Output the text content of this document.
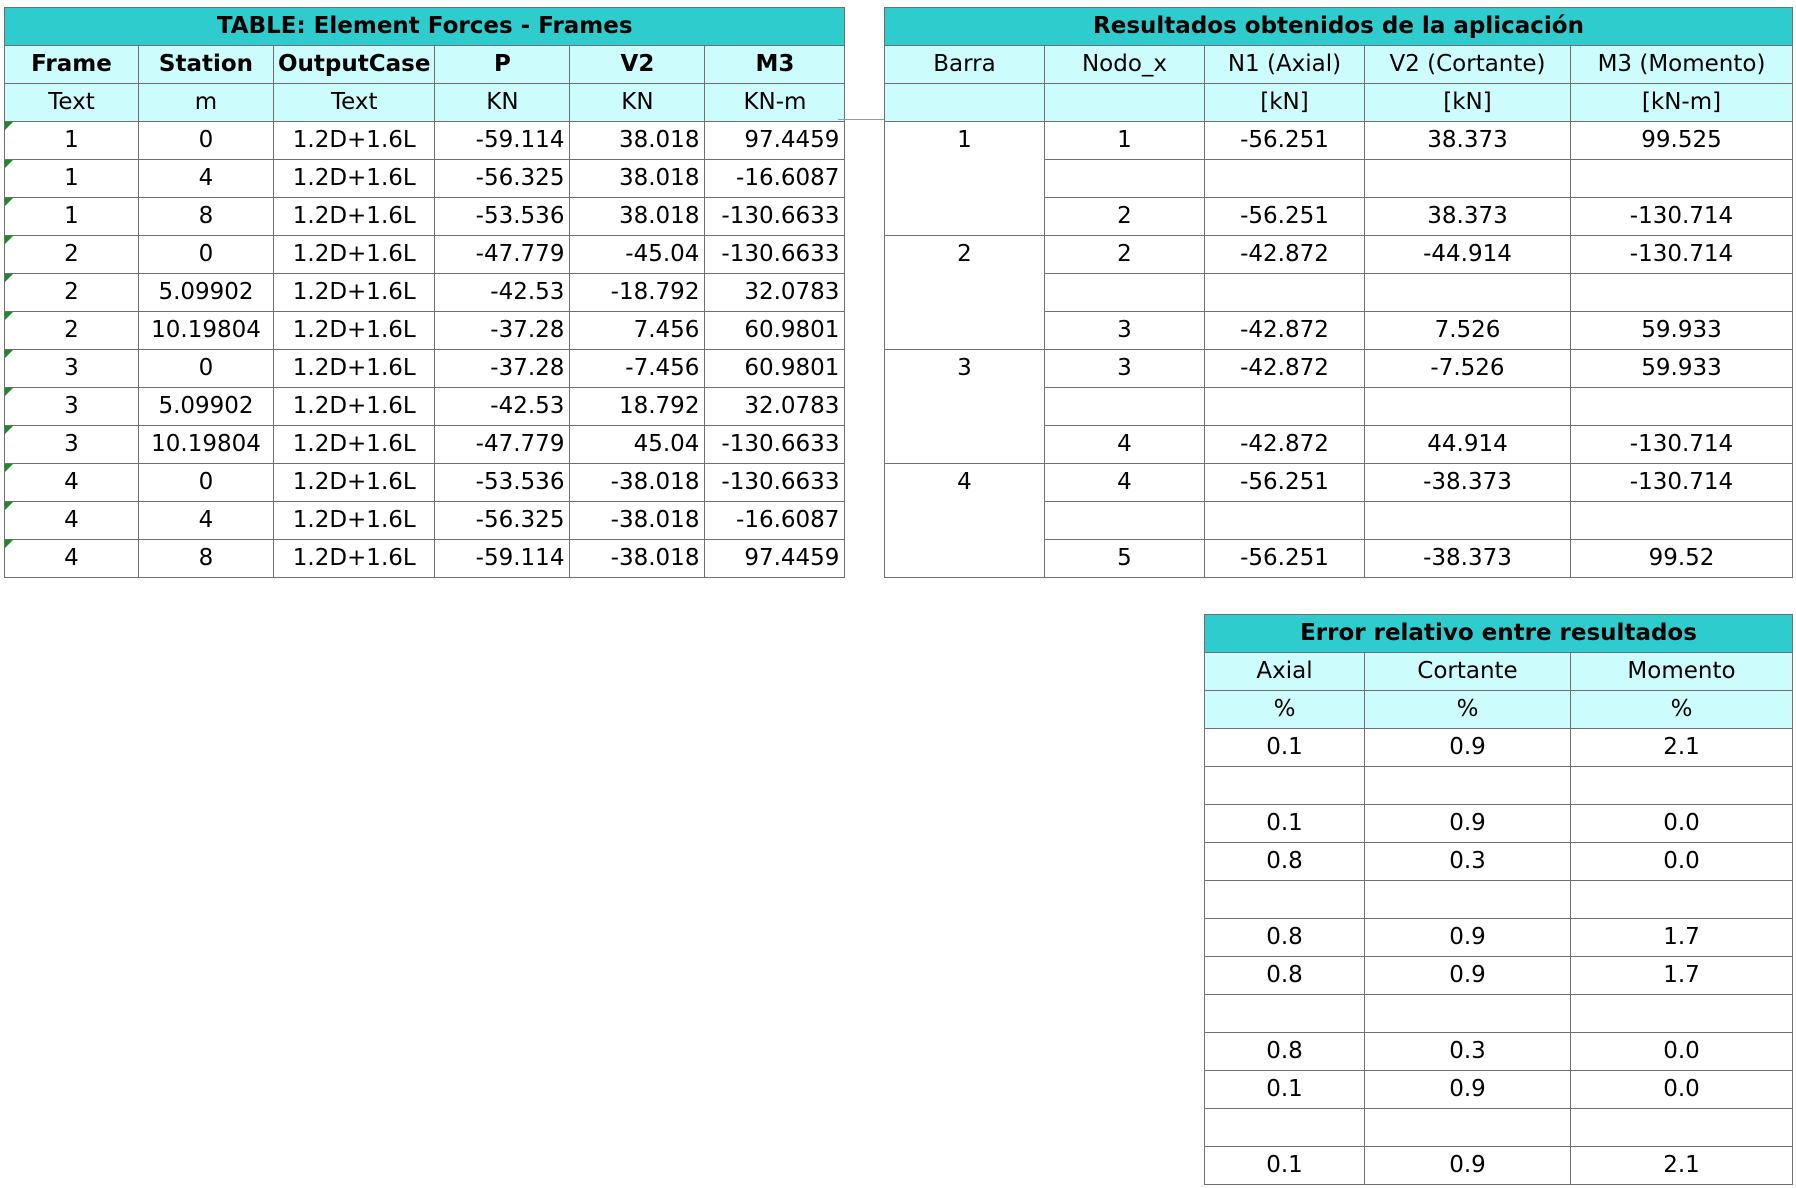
TABLE: Element Forces - Frames					
Frame	Station	OutputCase	P	V2	M3
Text	m	Text	KN	KN	KN-m
1	0	1.2D+1.6L	-59.114	38.018	97.4459
1	4	1.2D+1.6L	-56.325	38.018	-16.6087
1	8	1.2D+1.6L	-53.536	38.018	-130.6633
2	0	1.2D+1.6L	-47.779	-45.04	-130.6633
2	5.09902	1.2D+1.6L	-42.53	-18.792	32.0783
2	10.19804	1.2D+1.6L	-37.28	7.456	60.9801
3	0	1.2D+1.6L	-37.28	-7.456	60.9801
3	5.09902	1.2D+1.6L	-42.53	18.792	32.0783
3	10.19804	1.2D+1.6L	-47.779	45.04	-130.6633
4	0	1.2D+1.6L	-53.536	-38.018	-130.6633
4	4	1.2D+1.6L	-56.325	-38.018	-16.6087
4	8	1.2D+1.6L	-59.114	-38.018	97.4459
Resultados obtenidos de la aplicación				
Barra	Nodo_x	N1 (Axial)	V2 (Cortante)	M3 (Momento)
		[kN]	[kN]	[kN-m]
1	1	-56.251	38.373	99.525

	2	-56.251	38.373	-130.714
2	2	-42.872	-44.914	-130.714

	3	-42.872	7.526	59.933
3	3	-42.872	-7.526	59.933

	4	-42.872	44.914	-130.714
4	4	-56.251	-38.373	-130.714

	5	-56.251	-38.373	99.52
Error relativo entre resultados		
Axial	Cortante	Momento
%	%	%
0.1	0.9	2.1

0.1	0.9	0.0
0.8	0.3	0.0

0.8	0.9	1.7
0.8	0.9	1.7

0.8	0.3	0.0
0.1	0.9	0.0

0.1	0.9	2.1
